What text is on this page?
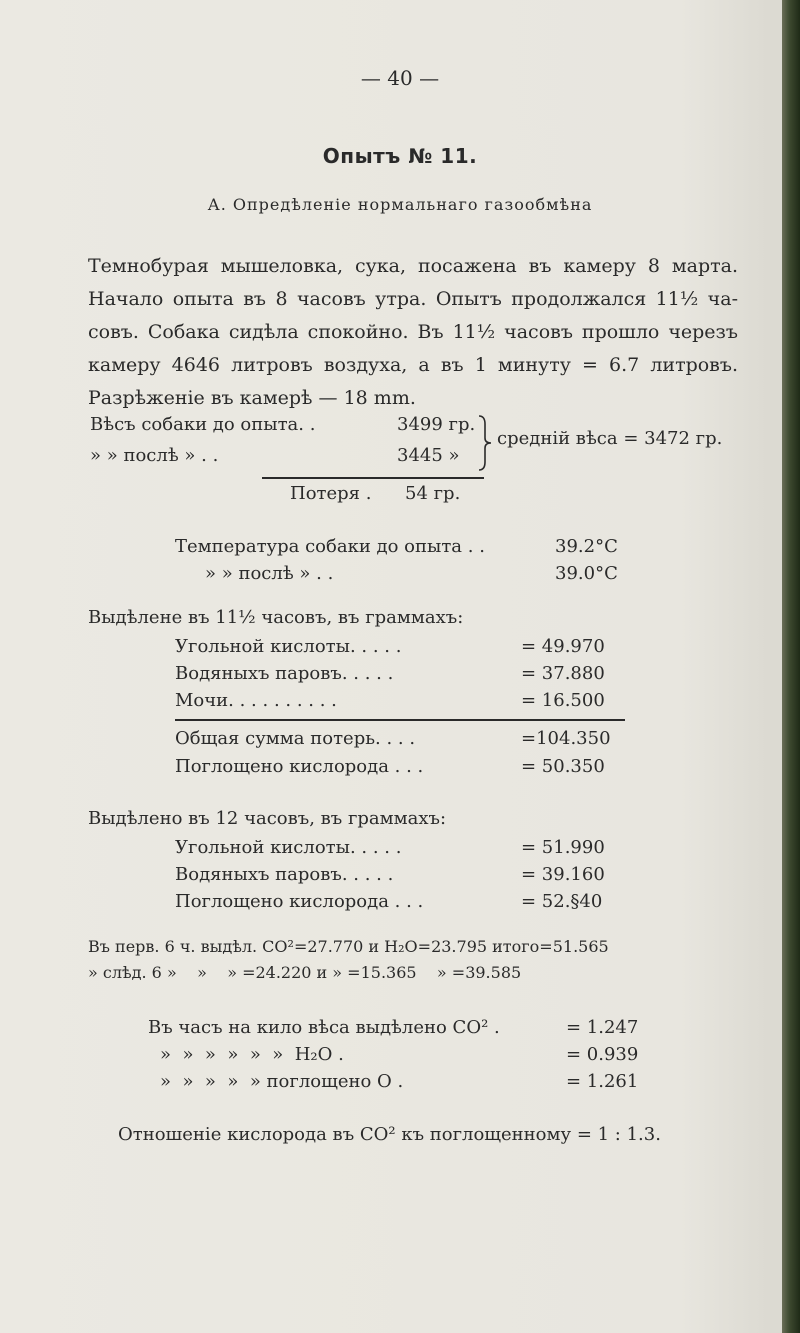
— 40 —
Опытъ № 11.
А. Опредѣленіе нормальнаго газообмѣна
Темнобурая мышеловка, сука, посажена въ камеру 8 марта.
Начало опыта въ 8 часовъ утра. Опытъ продолжался 11½ ча-
совъ. Собака сидѣла спокойно. Въ 11½ часовъ прошло черезъ
камеру 4646 литровъ воздуха, а въ 1 минуту = 6.7 литровъ.
Разрѣженіе въ камерѣ — 18 mm.
Вѣсъ собаки до опыта. .	3499 гр.
» » послѣ » . .	3445 »
средній вѣса = 3472 гр.
Потеря . 54 гр.
Температура собаки до опыта . .	39.2°C
» » послѣ » . .	39.0°C
Выдѣлене въ 11½ часовъ, въ граммахъ:
Угольной кислоты. . . . .	= 49.970
Водяныхъ паровъ. . . . .	= 37.880
Мочи. . . . . . . . . .	= 16.500
Общая сумма потерь. . . .	=104.350
Поглощено кислорода . . .	= 50.350
Выдѣлено въ 12 часовъ, въ граммахъ:
Угольной кислоты. . . . .	= 51.990
Водяныхъ паровъ. . . . .	= 39.160
Поглощено кислорода . . .	= 52.§40
Въ перв. 6 ч. выдѣл. CO²=27.770 и H₂O=23.795 итого=51.565
» слѣд. 6 »    »    » =24.220 и » =15.365    » =39.585
Въ часъ на кило вѣса выдѣлено CO² .	= 1.247
»  »  »  »  »  »  H₂O .	= 0.939
»  »  »  »  » поглощено O .	= 1.261
Отношеніе кислорода въ CO² къ поглощенному = 1 : 1.3.
